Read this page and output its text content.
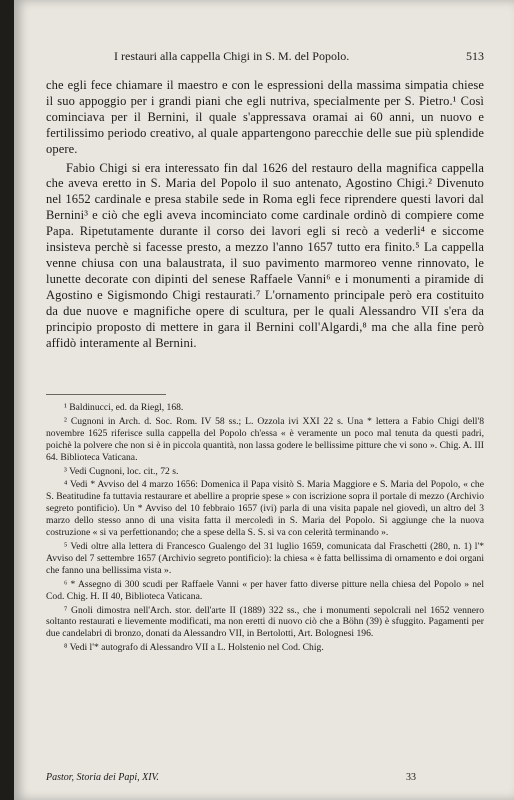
I restauri alla cappella Chigi in S. M. del Popolo.	513

che egli fece chiamare il maestro e con le espressioni della massima simpatia chiese il suo appoggio per i grandi piani che egli nutriva, specialmente per S. Pietro.¹ Così cominciava per il Bernini, il quale s'appressava oramai ai 60 anni, un nuovo e fertilissimo periodo creativo, al quale appartengono parecchie delle sue più splendide opere.

Fabio Chigi si era interessato fin dal 1626 del restauro della magnifica cappella che aveva eretto in S. Maria del Popolo il suo antenato, Agostino Chigi.² Divenuto nel 1652 cardinale e presa stabile sede in Roma egli fece riprendere questi lavori dal Bernini³ e ciò che egli aveva incominciato come cardinale ordinò di compiere come Papa. Ripetutamente durante il corso dei lavori egli si recò a vederli⁴ e siccome insisteva perchè si facesse presto, a mezzo l'anno 1657 tutto era finito.⁵ La cappella venne chiusa con una balaustrata, il suo pavimento marmoreo venne rinnovato, le lunette decorate con dipinti del senese Raffaele Vanni⁶ e i monumenti a piramide di Agostino e Sigismondo Chigi restaurati.⁷ L'ornamento principale però era costituito da due nuove e magnifiche opere di scultura, per le quali Alessandro VII s'era da principio proposto di mettere in gara il Bernini coll'Algardi,⁸ ma che alla fine però affidò interamente al Bernini.

¹ Baldinucci, ed. da Riegl, 168.

² Cugnoni in Arch. d. Soc. Rom. IV 58 ss.; L. Ozzola ivi XXI 22 s. Una * lettera a Fabio Chigi dell'8 novembre 1625 riferisce sulla cappella del Popolo ch'essa « è veramente un poco mal tenuta da questi padri, poichè la polvere che non si è in piccola quantità, non lassa godere le bellissime pitture che vi sono ». Chig. A. III 64. Biblioteca Vaticana.

³ Vedi Cugnoni, loc. cit., 72 s.

⁴ Vedi * Avviso del 4 marzo 1656: Domenica il Papa visitò S. Maria Maggiore e S. Maria del Popolo, « che S. Beatitudine fa tuttavia restaurare et abellire a proprie spese » con iscrizione sopra il portale di mezzo (Archivio segreto pontificio). Un * Avviso del 10 febbraio 1657 (ivi) parla di una visita papale nel giovedì, un altro del 3 marzo dello stesso anno di una visita fatta il mercoledì in S. Maria del Popolo. Si aggiunge che la nuova costruzione « si va perfettionando; che a spese della S. S. si va con celerità terminando ».

⁵ Vedi oltre alla lettera di Francesco Gualengo del 31 luglio 1659, comunicata dal Fraschetti (280, n. 1) l'* Avviso del 7 settembre 1657 (Archivio segreto pontificio): la chiesa « è fatta bellissima di ornamento e doi organi che fanno una bellissima vista ».

⁶ * Assegno di 300 scudi per Raffaele Vanni « per haver fatto diverse pitture nella chiesa del Popolo » nel Cod. Chig. H. II 40, Biblioteca Vaticana.

⁷ Gnoli dimostra nell'Arch. stor. dell'arte II (1889) 322 ss., che i monumenti sepolcrali nel 1652 vennero soltanto restaurati e lievemente modificati, ma non eretti di nuovo ciò che a Böhn (39) è sfuggito. Pagamenti per due candelabri di bronzo, donati da Alessandro VII, in Bertolotti, Art. Bolognesi 196.

⁸ Vedi l'* autografo di Alessandro VII a L. Holstenio nel Cod. Chig.

Pastor, Storia dei Papi, XIV.	33
